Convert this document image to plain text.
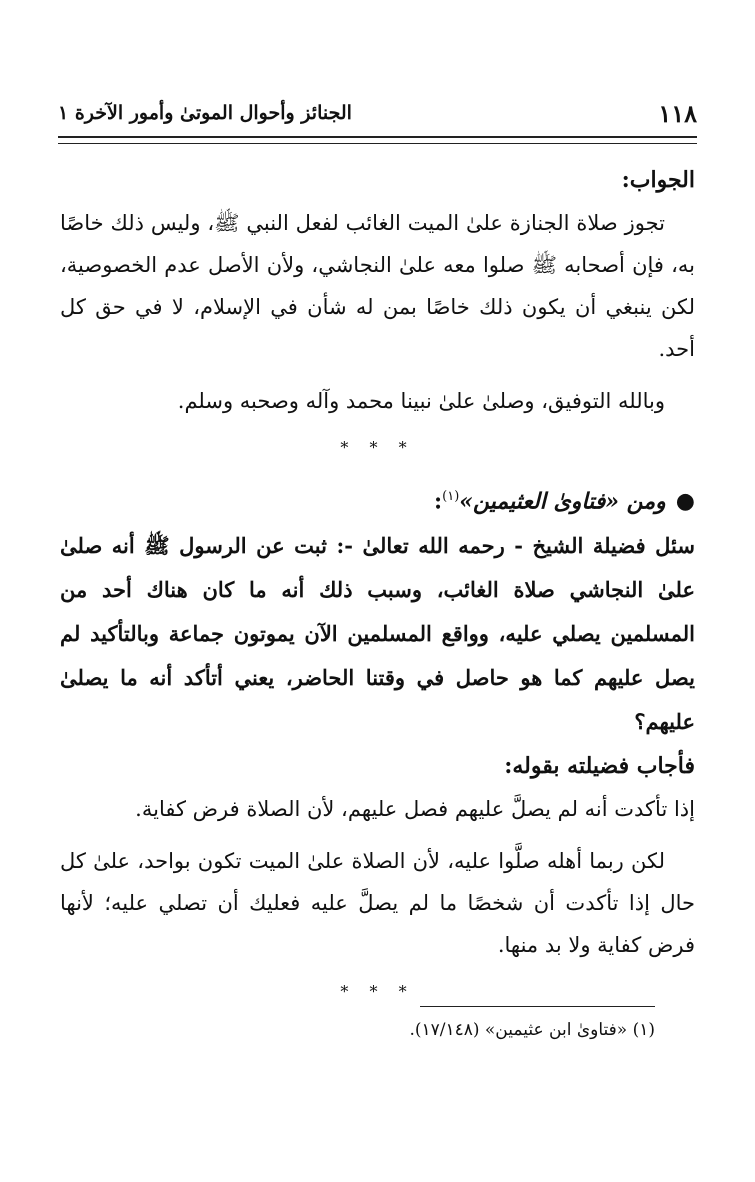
١١٨
الجنائز وأحوال الموتىٰ وأمور الآخرة ١

الجواب:

تجوز صلاة الجنازة علىٰ الميت الغائب لفعل النبي ﷺ، وليس ذلك خاصًا به، فإن أصحابه ﷺ صلوا معه علىٰ النجاشي، ولأن الأصل عدم الخصوصية، لكن ينبغي أن يكون ذلك خاصًا بمن له شأن في الإسلام، لا في حق كل أحد.

وبالله التوفيق، وصلىٰ علىٰ نبينا محمد وآله وصحبه وسلم.

* * *
●ومن «فتاوىٰ العثيمين»$^{(١)}$:

سئل فضيلة الشيخ - رحمه الله تعالىٰ -: ثبت عن الرسول ﷺ أنه صلىٰ علىٰ النجاشي صلاة الغائب، وسبب ذلك أنه ما كان هناك أحد من المسلمين يصلي عليه، وواقع المسلمين الآن يموتون جماعة وبالتأكيد لم يصل عليهم كما هو حاصل في وقتنا الحاضر، يعني أتأكد أنه ما يصلىٰ عليهم؟

فأجاب فضيلته بقوله:

إذا تأكدت أنه لم يصلَّ عليهم فصل عليهم، لأن الصلاة فرض كفاية.

لكن ربما أهله صلَّوا عليه، لأن الصلاة علىٰ الميت تكون بواحد، علىٰ كل حال إذا تأكدت أن شخصًا ما لم يصلَّ عليه فعليك أن تصلي عليه؛ لأنها فرض كفاية ولا بد منها.

* * *
(١) «فتاوىٰ ابن عثيمين» (١٧/١٤٨).
